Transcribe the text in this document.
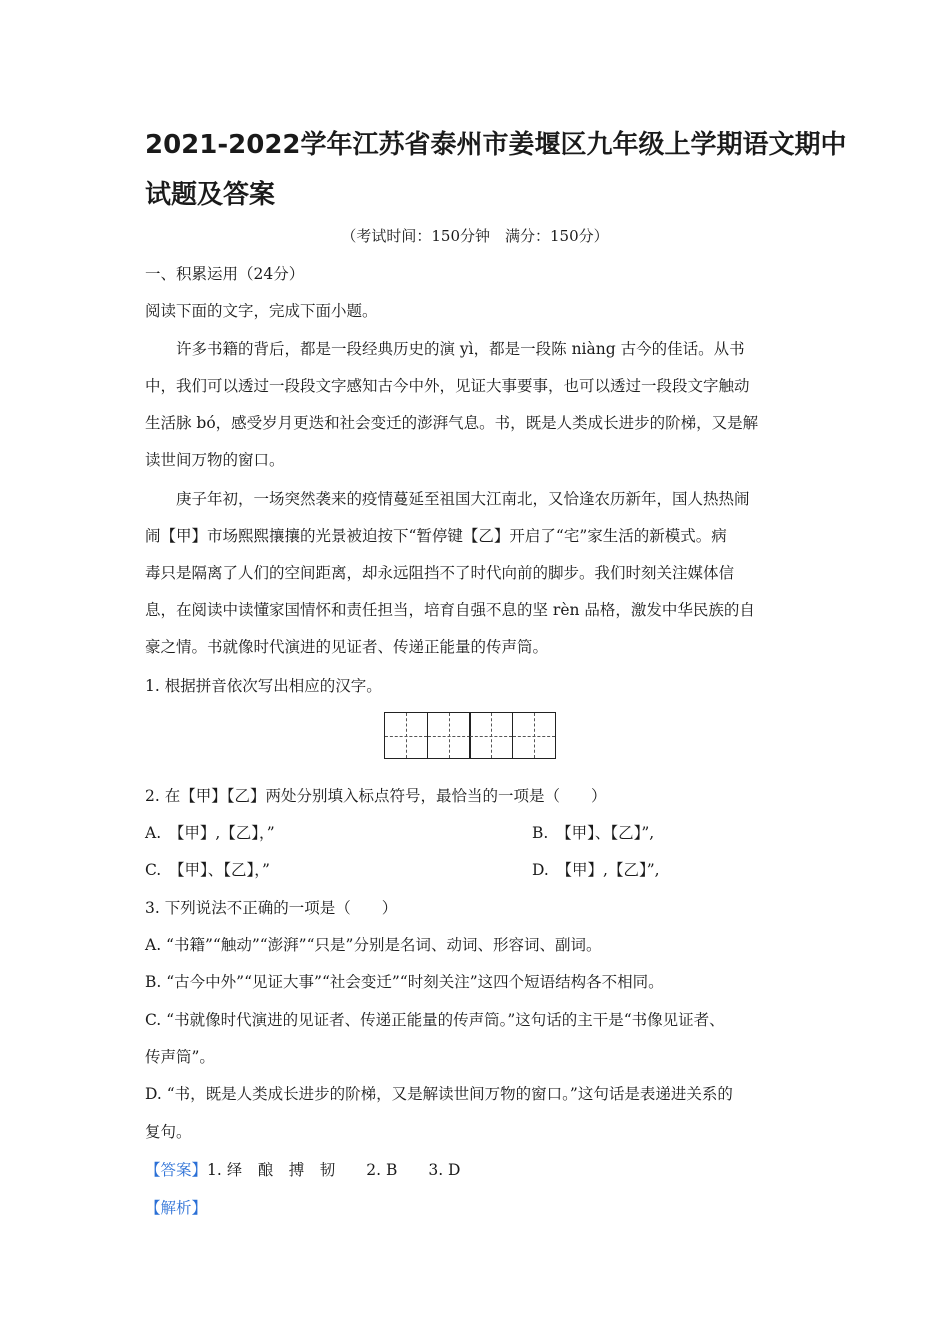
2021-2022学年江苏省泰州市姜堰区九年级上学期语文期中
试题及答案
（考试时间：150分钟　满分：150分）
一、积累运用（24分）
阅读下面的文字，完成下面小题。
许多书籍的背后，都是一段经典历史的演 yì，都是一段陈 niàng 古今的佳话。从书
中，我们可以透过一段段文字感知古今中外，见证大事要事，也可以透过一段段文字触动
生活脉 bó，感受岁月更迭和社会变迁的澎湃气息。书，既是人类成长进步的阶梯，又是解
读世间万物的窗口。
庚子年初，一场突然袭来的疫情蔓延至祖国大江南北，又恰逢农历新年，国人热热闹
闹【甲】市场熙熙攘攘的光景被迫按下“暂停键【乙】开启了“宅”家生活的新模式。病
毒只是隔离了人们的空间距离，却永远阻挡不了时代向前的脚步。我们时刻关注媒体信
息，在阅读中读懂家国情怀和责任担当，培育自强不息的坚 rèn 品格，激发中华民族的自
豪之情。书就像时代演进的见证者、传递正能量的传声筒。
1. 根据拼音依次写出相应的汉字。
2. 在【甲】【乙】两处分别填入标点符号，最恰当的一项是（　　）
A.　【甲】,【乙】，”	B.　【甲】、【乙】”,
C.　【甲】、【乙】，”	D.　【甲】,【乙】”,
3. 下列说法不正确的一项是（　　）
A. “书籍”“触动”“澎湃”“只是”分别是名词、动词、形容词、副词。
B. “古今中外”“见证大事”“社会变迁”“时刻关注”这四个短语结构各不相同。
C. “书就像时代演进的见证者、传递正能量的传声筒。”这句话的主干是“书像见证者、
传声筒”。
D. “书，既是人类成长进步的阶梯，又是解读世间万物的窗口。”这句话是表递进关系的
复句。
【答案】1. 绎　酿　搏　韧　　2. B　　3. D
【解析】
